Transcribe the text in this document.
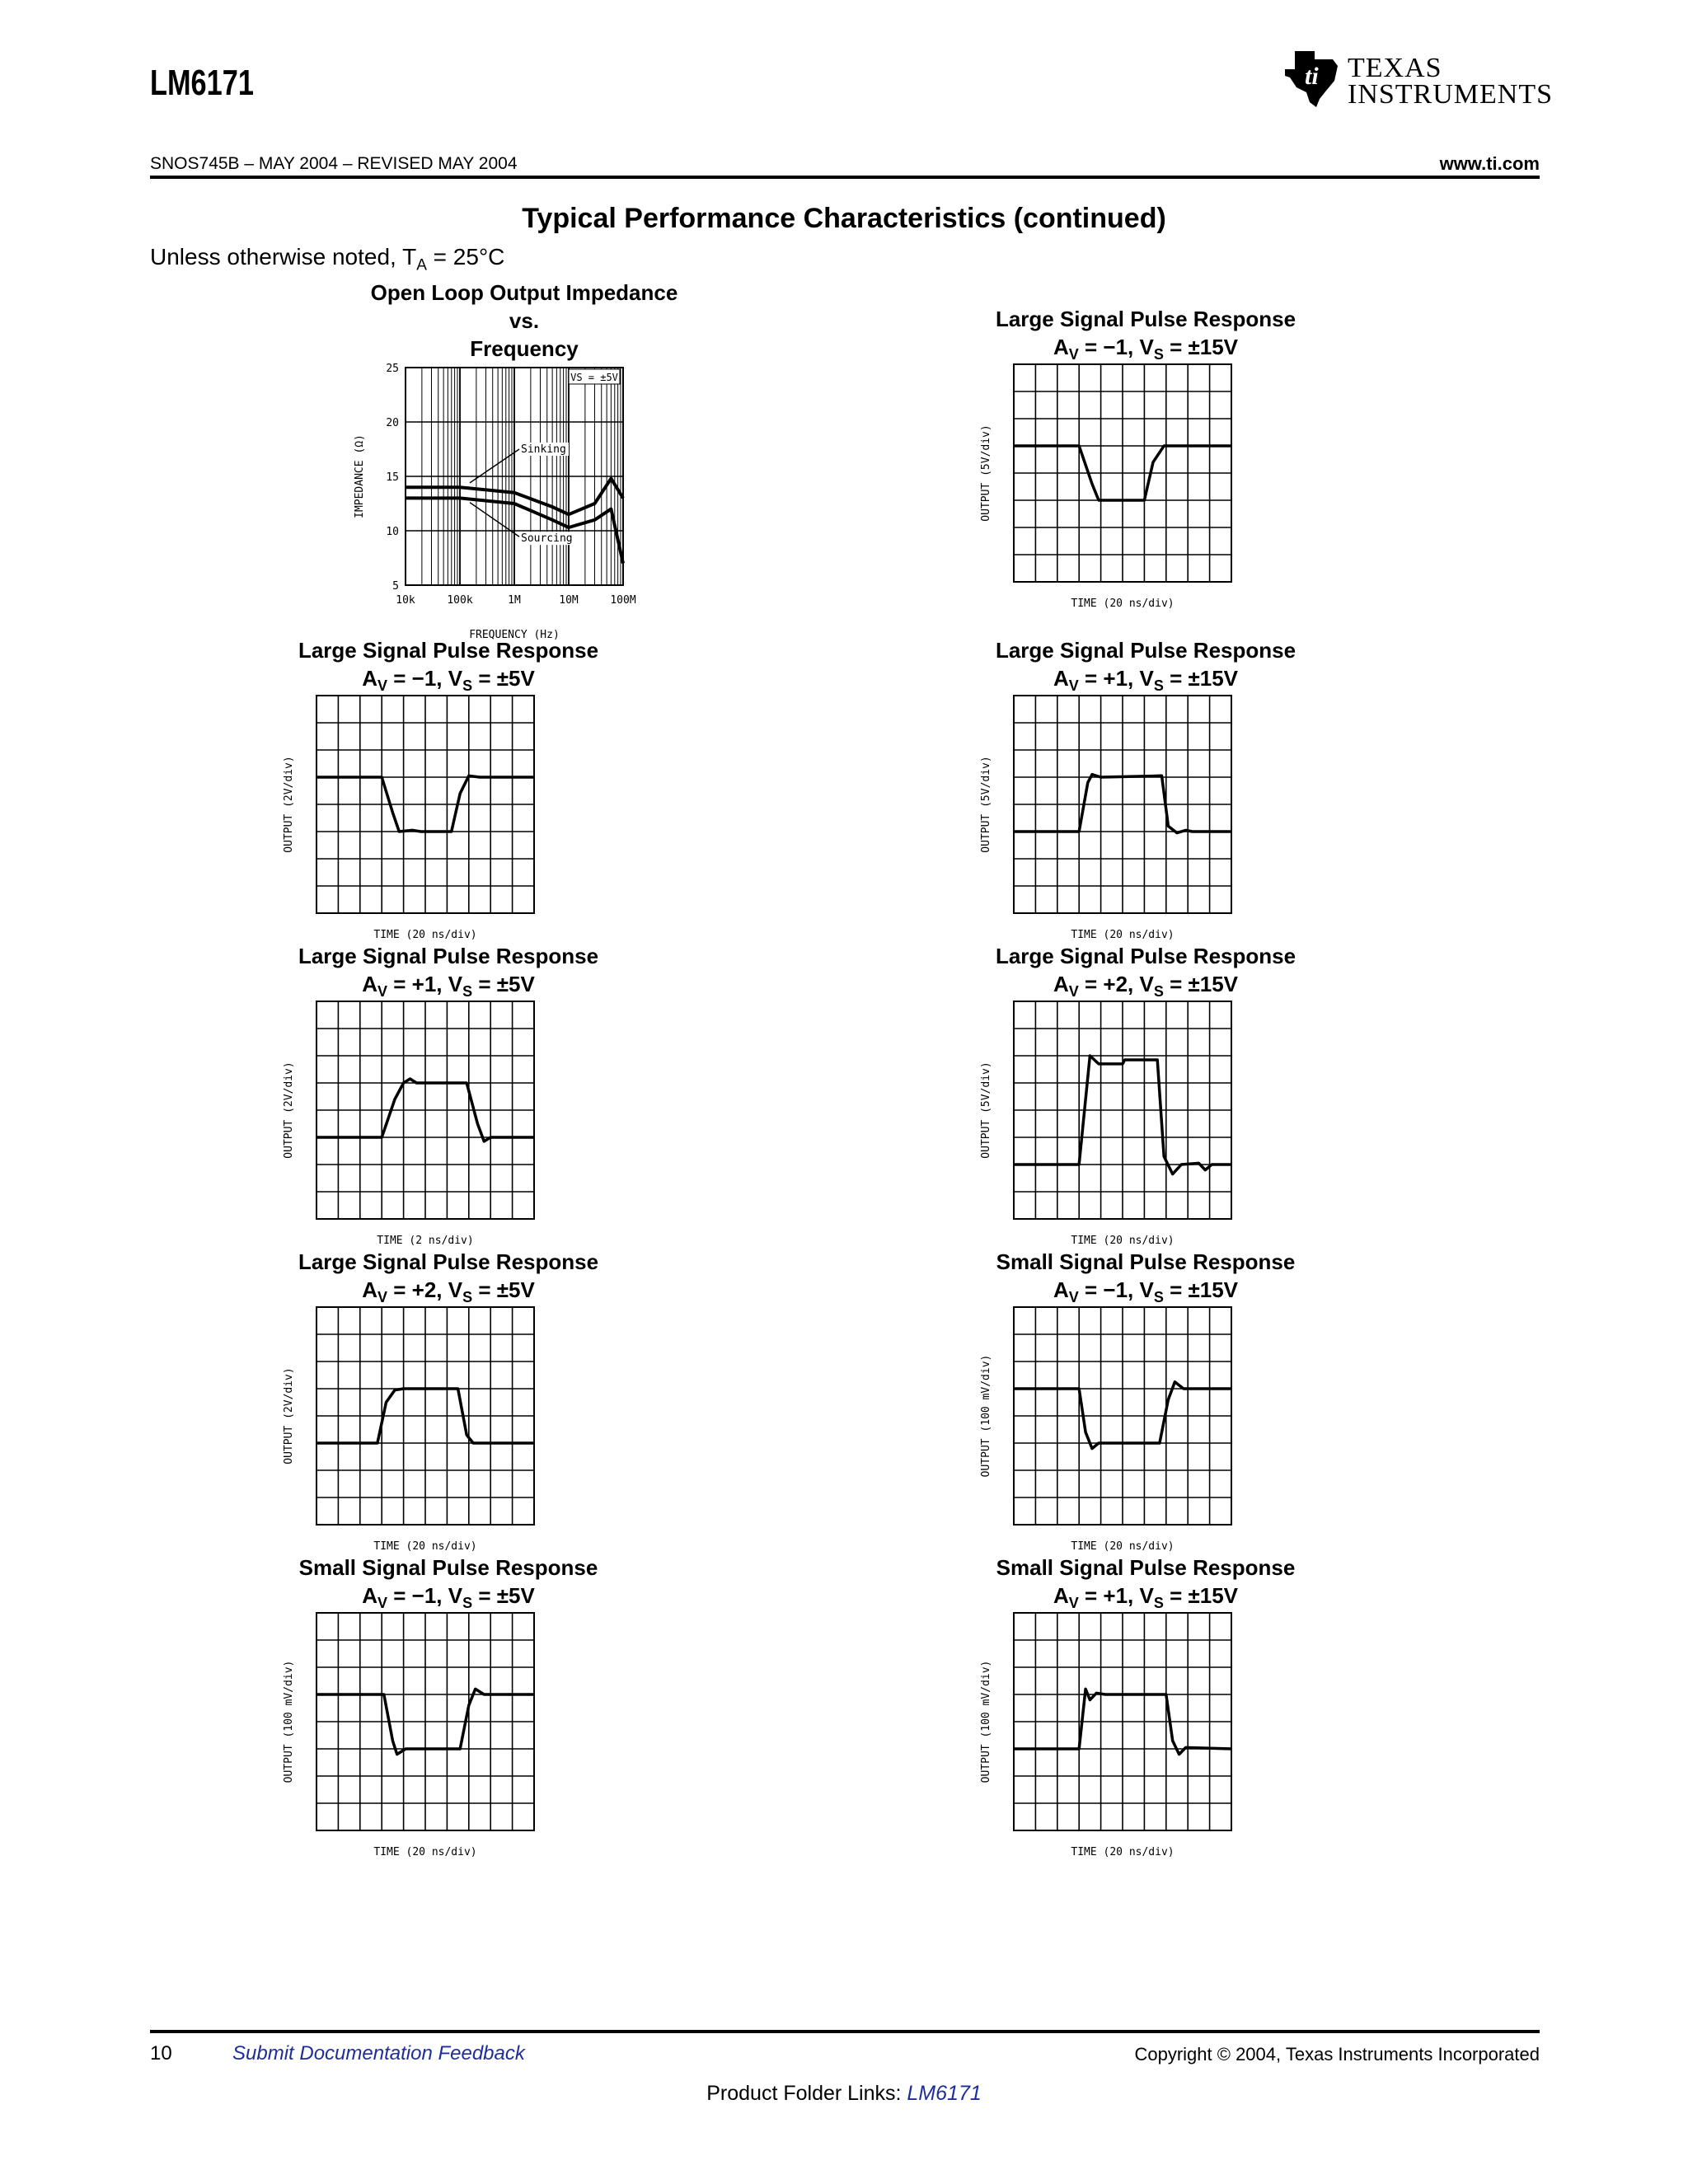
LM6171	ti TEXAS
INSTRUMENTS
SNOS745B – MAY 2004 – REVISED MAY 2004	www.ti.com
Typical Performance Characteristics (continued)
Unless otherwise noted, $T_A = 25^\circ C$
Open Loop Output Impedance
vs.
Frequency
5
10
15
20
25
10k	100k	1M	10M	100M
FREQUENCY (Hz)
IMPEDANCE (Ω)
VS = ±5V
Sinking
Sourcing
Large Signal Pulse Response
$A_V = -1$, $V_S = \pm 15V$
TIME (20 ns/div)
OUTPUT (5V/div)
Large Signal Pulse Response
$A_V = -1$, $V_S = \pm 5V$
TIME (20 ns/div)
OUTPUT (2V/div)
Large Signal Pulse Response
$A_V = +1$, $V_S = \pm 15V$
TIME (20 ns/div)
OUTPUT (5V/div)
Large Signal Pulse Response
$A_V = +1$, $V_S = \pm 5V$
TIME (2 ns/div)
OUTPUT (2V/div)
Large Signal Pulse Response
$A_V = +2$, $V_S = \pm 15V$
TIME (20 ns/div)
OUTPUT (5V/div)
Large Signal Pulse Response
$A_V = +2$, $V_S = \pm 5V$
TIME (20 ns/div)
OUTPUT (2V/div)
Small Signal Pulse Response
$A_V = -1$, $V_S = \pm 15V$
TIME (20 ns/div)
OUTPUT (100 mV/div)
Small Signal Pulse Response
$A_V = -1$, $V_S = \pm 5V$
TIME (20 ns/div)
OUTPUT (100 mV/div)
Small Signal Pulse Response
$A_V = +1$, $V_S = \pm 15V$
TIME (20 ns/div)
OUTPUT (100 mV/div)
10	Submit Documentation Feedback	Copyright © 2004, Texas Instruments Incorporated
Product Folder Links: LM6171
